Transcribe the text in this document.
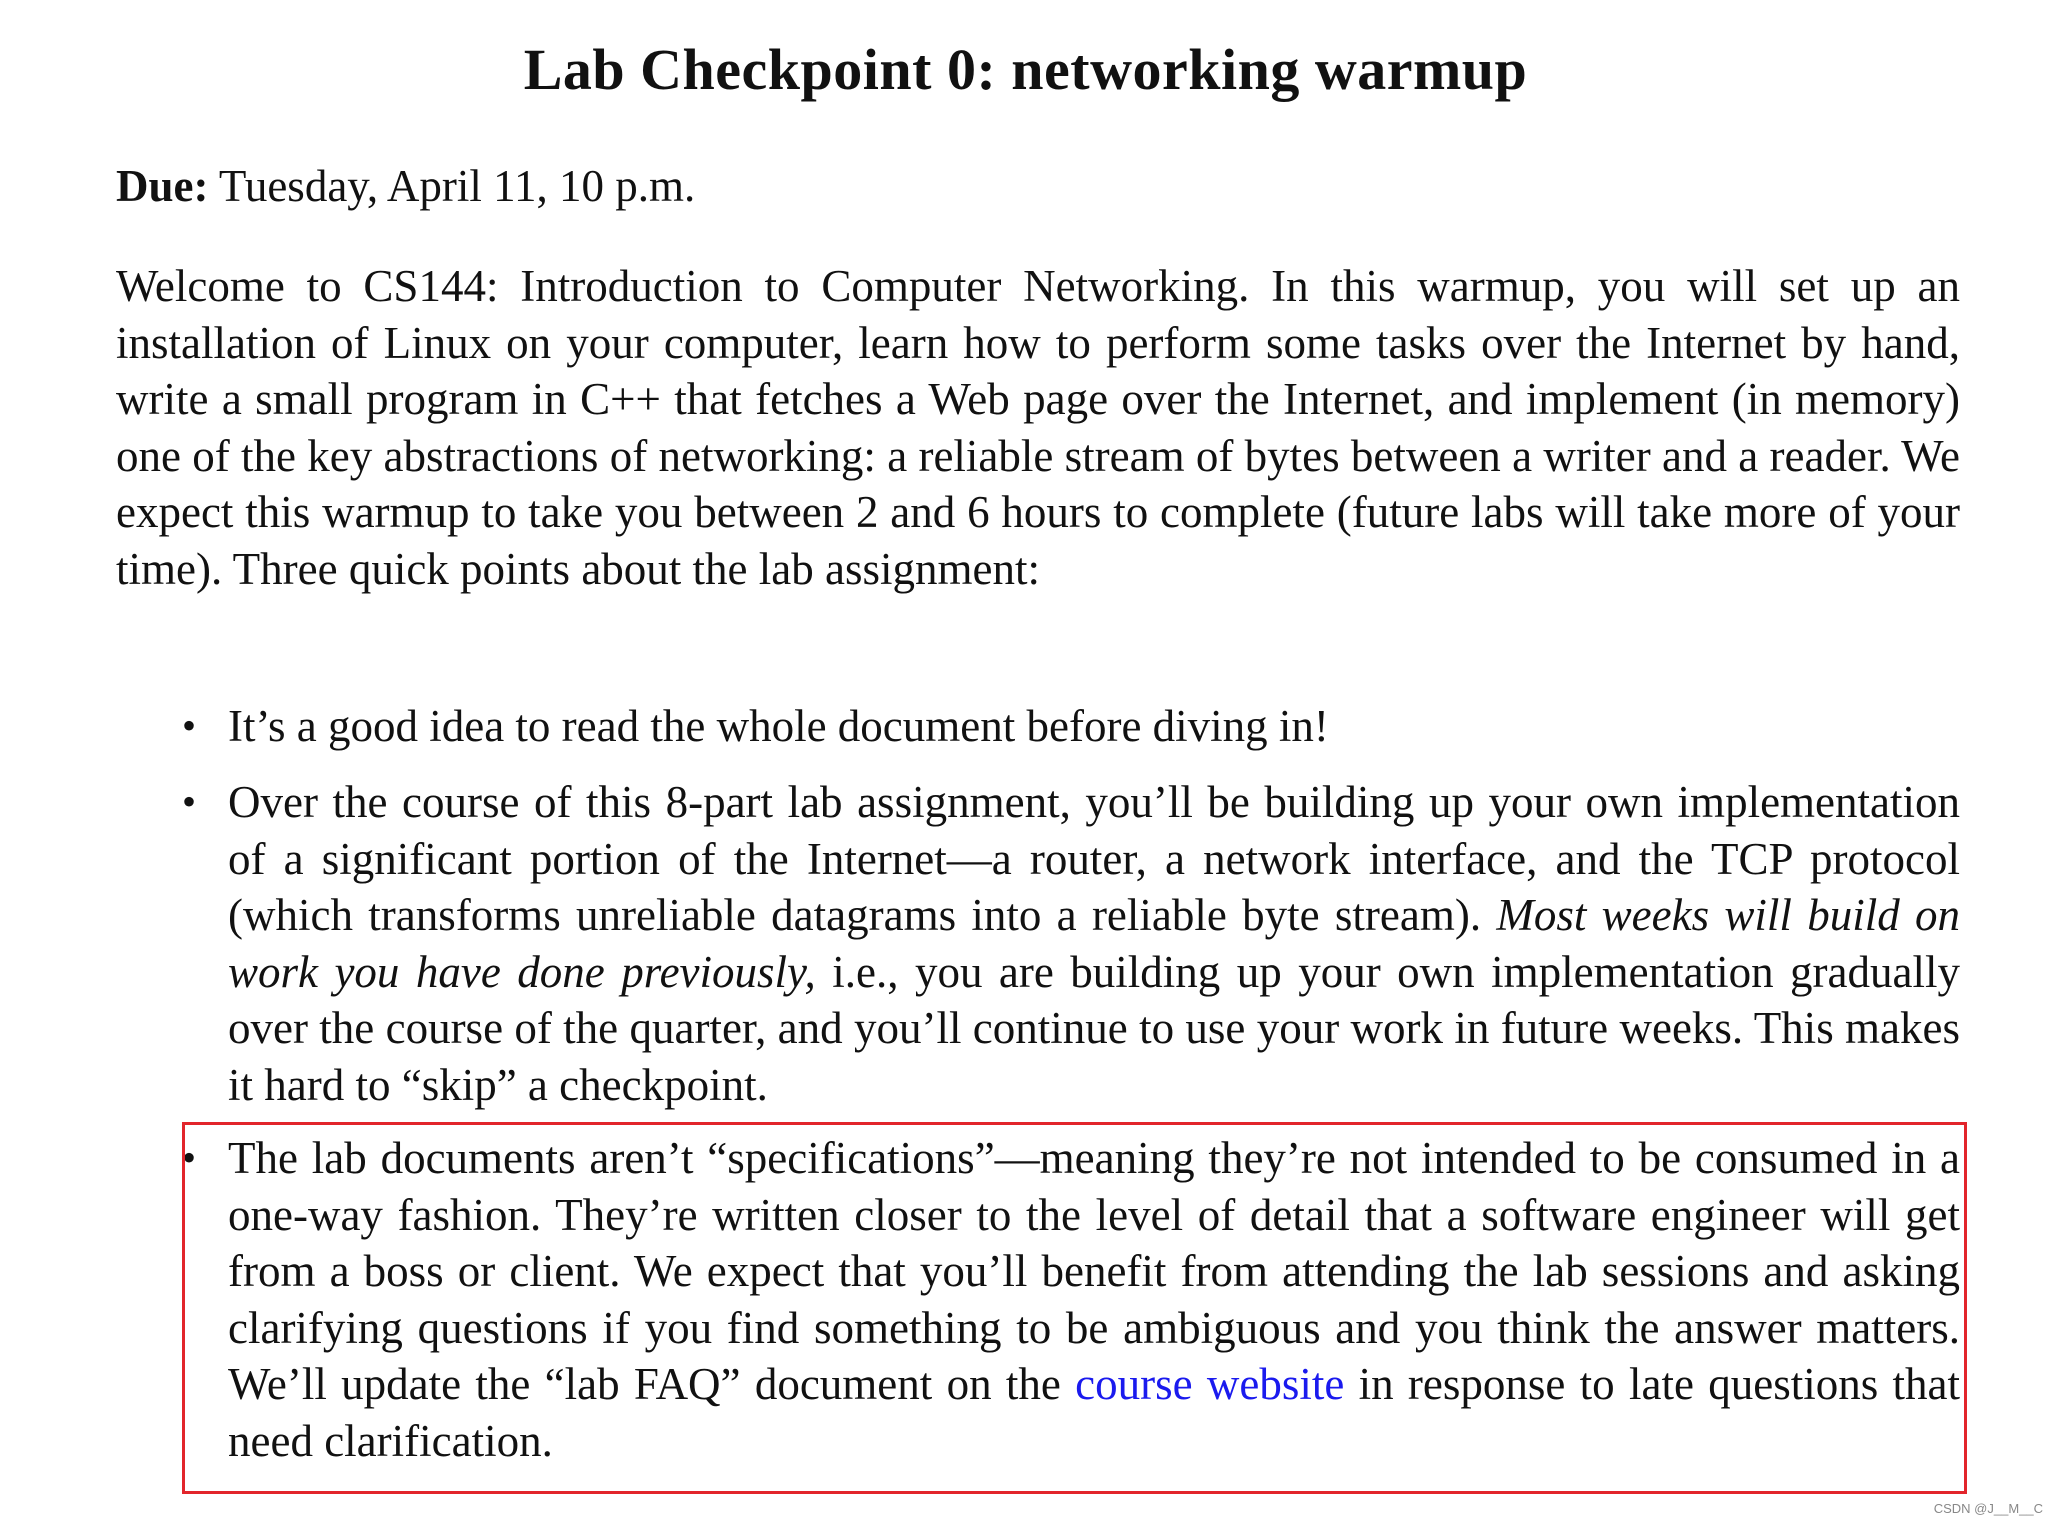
Lab Checkpoint 0: networking warmup
Due: Tuesday, April 11, 10 p.m.
Welcome to CS144: Introduction to Computer Networking. In this warmup, you will set up an installation of Linux on your computer, learn how to perform some tasks over the Internet by hand, write a small program in C++ that fetches a Web page over the Internet, and implement (in memory) one of the key abstractions of networking: a reliable stream of bytes between a writer and a reader. We expect this warmup to take you between 2 and 6 hours to complete (future labs will take more of your time). Three quick points about the lab assignment:
• It’s a good idea to read the whole document before diving in!
• Over the course of this 8-part lab assignment, you’ll be building up your own implementation of a significant portion of the Internet—a router, a network interface, and the TCP protocol (which transforms unreliable datagrams into a reliable byte stream). Most weeks will build on work you have done previously, i.e., you are building up your own implementation gradually over the course of the quarter, and you’ll continue to use your work in future weeks. This makes it hard to “skip” a checkpoint.
• The lab documents aren’t “specifications”—meaning they’re not intended to be consumed in a one-way fashion. They’re written closer to the level of detail that a software engineer will get from a boss or client. We expect that you’ll benefit from attending the lab sessions and asking clarifying questions if you find something to be ambiguous and you think the answer matters. We’ll update the “lab FAQ” document on the course website in response to late questions that need clarification.
CSDN @J__M__C
